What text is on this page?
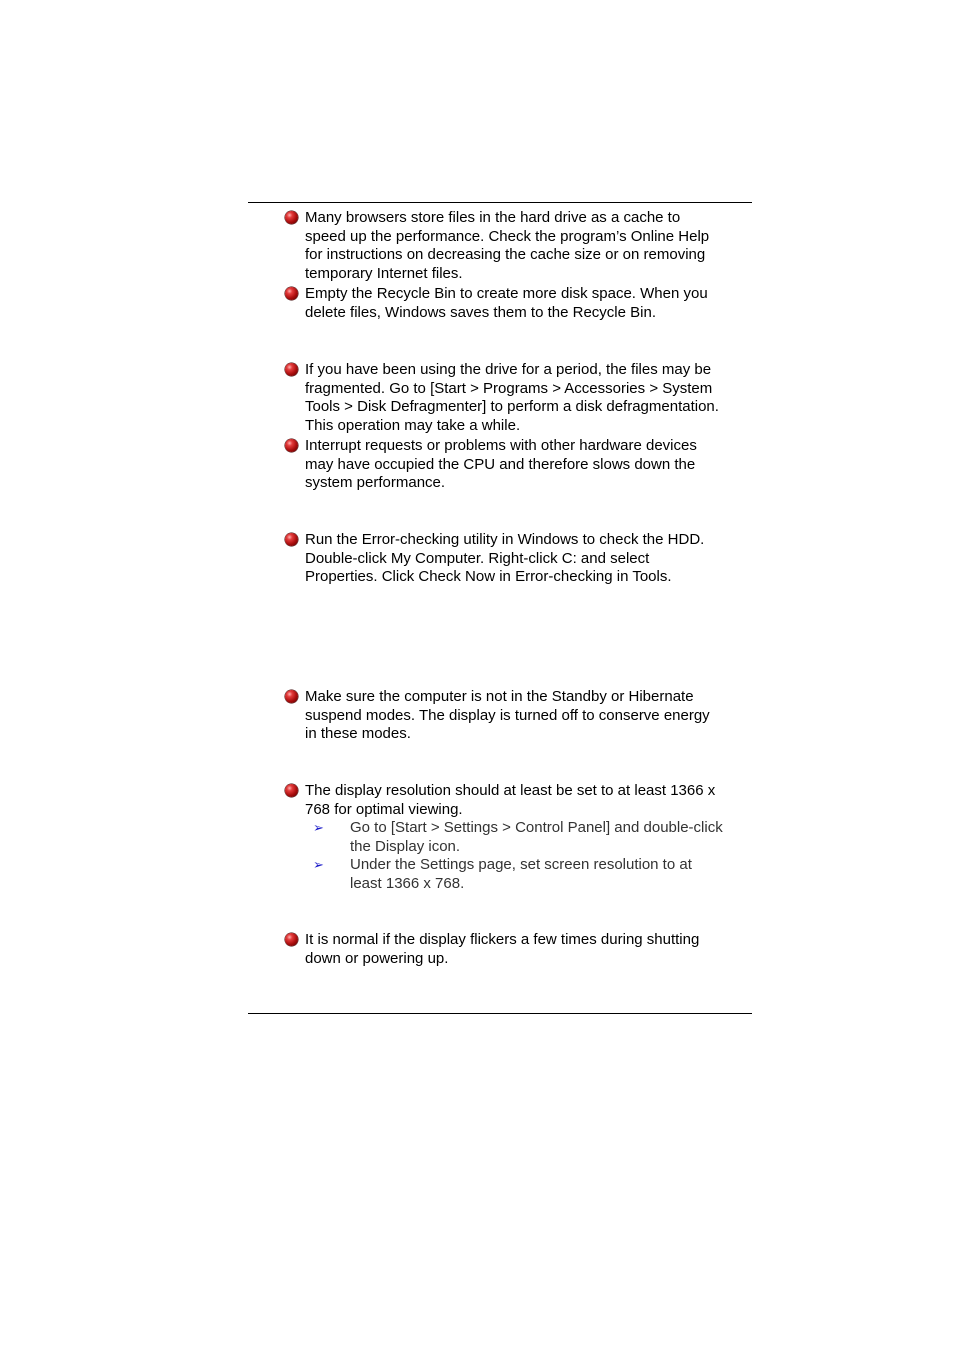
Many browsers store files in the hard drive as a cache to
speed up the performance. Check the program’s Online Help
for instructions on decreasing the cache size or on removing
temporary Internet files.
Empty the Recycle Bin to create more disk space. When you
delete files, Windows saves them to the Recycle Bin.
If you have been using the drive for a period, the files may be
fragmented. Go to [Start > Programs > Accessories > System
Tools > Disk Defragmenter] to perform a disk defragmentation.
This operation may take a while.
Interrupt requests or problems with other hardware devices
may have occupied the CPU and therefore slows down the
system performance.
Run the Error-checking utility in Windows to check the HDD.
Double-click My Computer. Right-click C: and select
Properties. Click Check Now in Error-checking in Tools.
Make sure the computer is not in the Standby or Hibernate
suspend modes. The display is turned off to conserve energy
in these modes.
The display resolution should at least be set to at least 1366 x
768 for optimal viewing.
➢ Go to [Start > Settings > Control Panel] and double-click
the Display icon.
➢ Under the Settings page, set screen resolution to at
least 1366 x 768.
It is normal if the display flickers a few times during shutting
down or powering up.
